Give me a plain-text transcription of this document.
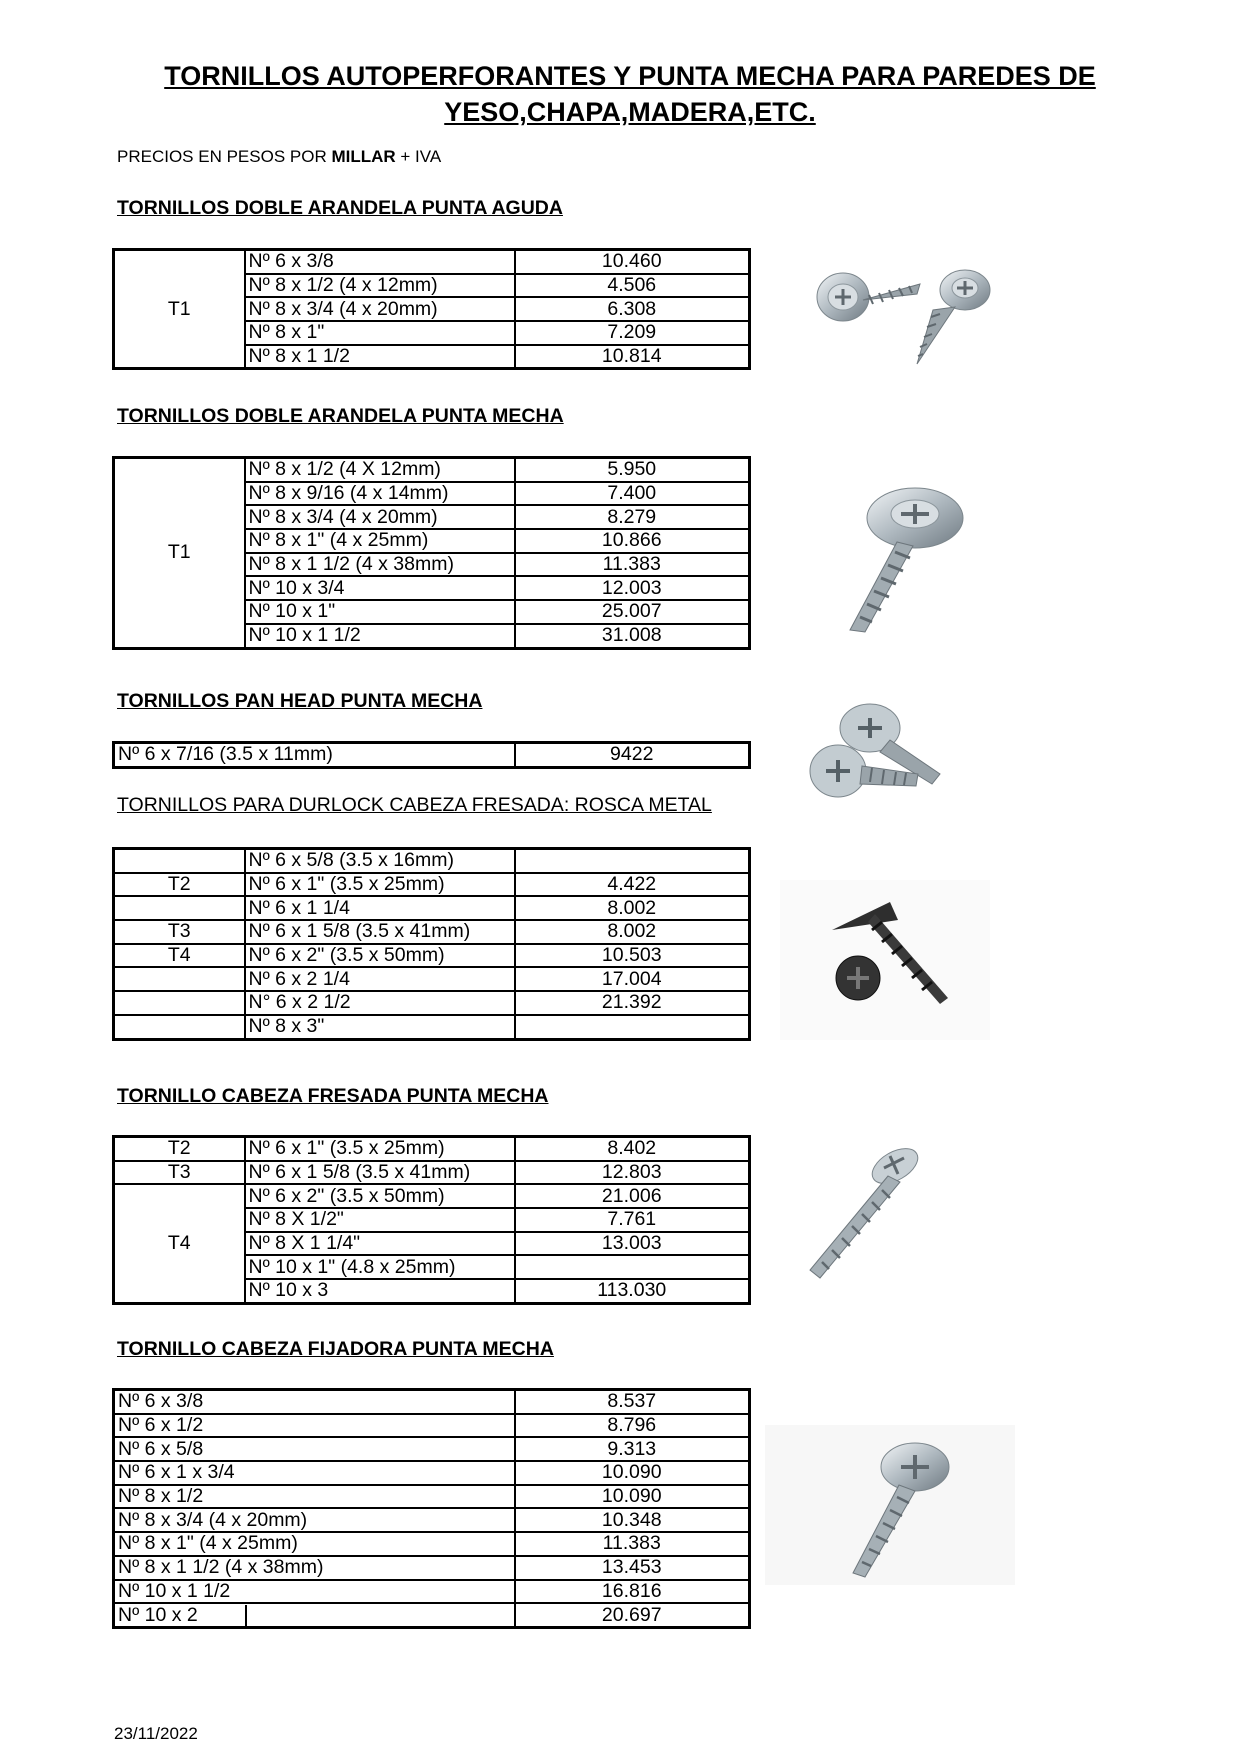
TORNILLOS AUTOPERFORANTES Y PUNTA MECHA PARA PAREDES DE YESO,CHAPA,MADERA,ETC.
PRECIOS EN PESOS POR MILLAR + IVA
TORNILLOS DOBLE ARANDELA PUNTA AGUDA
T1	Nº 6 x 3/8	10.460
	Nº 8 x 1/2 (4 x 12mm)	4.506
	Nº 8 x 3/4 (4 x 20mm)	6.308
	Nº 8 x 1"	7.209
	Nº 8 x 1 1/2	10.814
TORNILLOS DOBLE ARANDELA PUNTA MECHA
T1	Nº 8 x 1/2 (4 X 12mm)	5.950
	Nº 8 x 9/16 (4 x 14mm)	7.400
	Nº 8 x 3/4 (4 x 20mm)	8.279
	Nº 8 x 1" (4 x 25mm)	10.866
	Nº 8 x 1 1/2 (4 x 38mm)	11.383
	Nº 10 x 3/4	12.003
	Nº 10 x 1"	25.007
	Nº 10 x 1 1/2	31.008
TORNILLOS PAN HEAD PUNTA MECHA
Nº 6 x 7/16 (3.5 x 11mm)	9422
TORNILLOS PARA DURLOCK CABEZA FRESADA: ROSCA METAL
	Nº 6 x 5/8 (3.5 x 16mm)	
T2	Nº 6 x 1" (3.5 x 25mm)	4.422
	Nº 6 x 1 1/4	8.002
T3	Nº 6 x 1 5/8 (3.5 x 41mm)	8.002
T4	Nº 6 x 2" (3.5 x 50mm)	10.503
	Nº 6 x 2 1/4	17.004
	N° 6 x 2 1/2	21.392
	Nº 8 x 3"	
TORNILLO CABEZA FRESADA PUNTA MECHA
T2	Nº 6 x 1" (3.5 x 25mm)	8.402
T3	Nº 6 x 1 5/8 (3.5 x 41mm)	12.803
T4	Nº 6 x 2" (3.5 x 50mm)	21.006
	Nº 8 X 1/2"	7.761
	Nº 8 X 1 1/4"	13.003
	Nº 10 x 1" (4.8 x 25mm)	
	Nº 10 x 3	113.030
TORNILLO CABEZA FIJADORA PUNTA MECHA
Nº 6 x 3/8	8.537
Nº 6 x 1/2	8.796
Nº 6 x 5/8	9.313
Nº 6 x 1 x 3/4	10.090
Nº 8 x 1/2	10.090
Nº 8 x 3/4 (4 x 20mm)	10.348
Nº 8 x 1" (4 x 25mm)	11.383
Nº 8 x 1 1/2 (4 x 38mm)	13.453
Nº 10 x 1 1/2	16.816
Nº 10 x 2	20.697
23/11/2022
